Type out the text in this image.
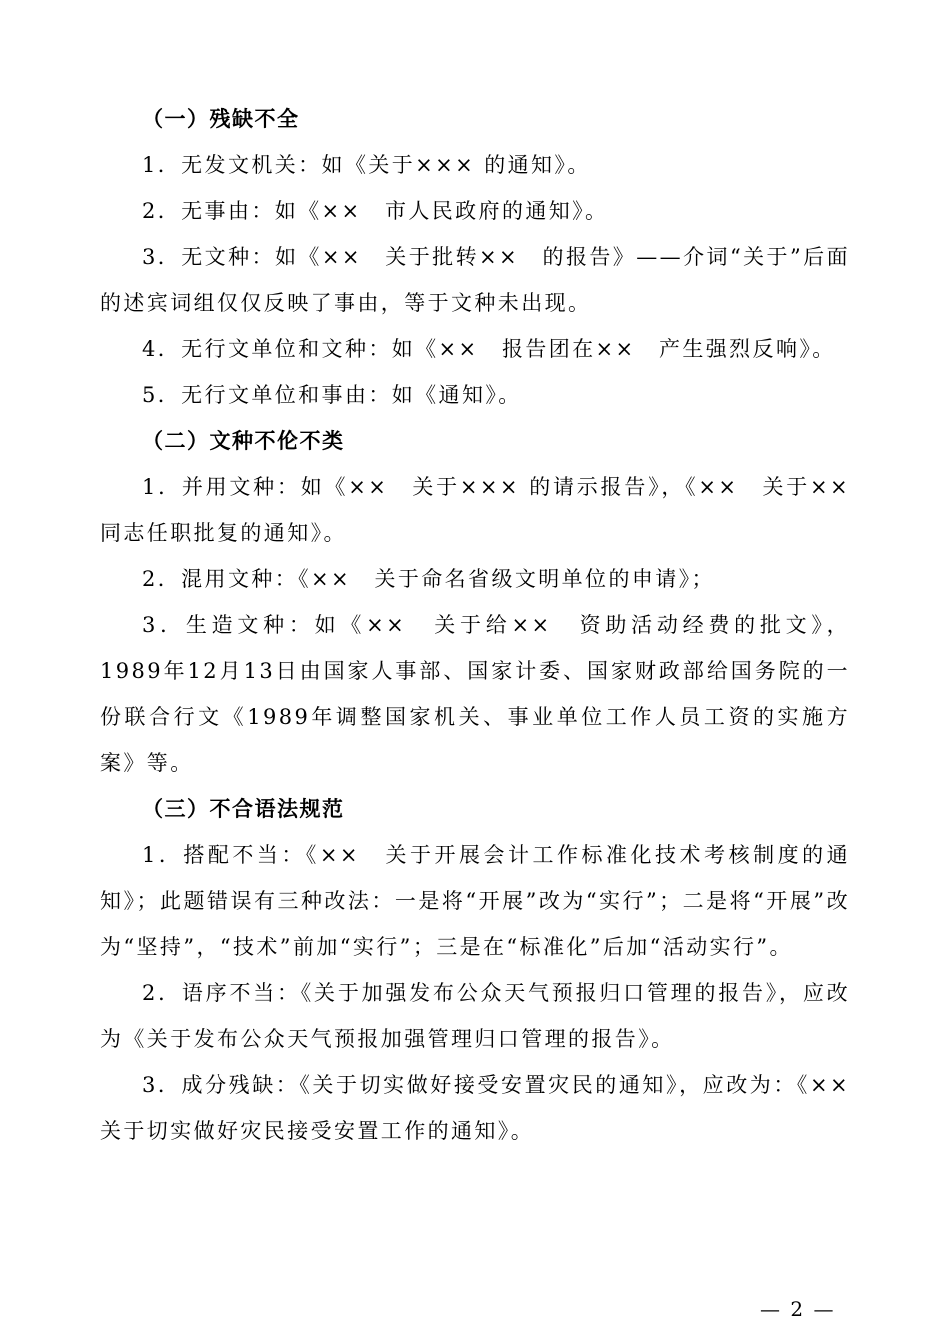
（一）残缺不全

1．无发文机关：如《关于××× 的通知》。

2．无事由：如《××　市人民政府的通知》。

3．无文种：如《××　关于批转××　的报告》——介词“关于”后面的述宾词组仅仅反映了事由，等于文种未出现。

4．无行文单位和文种：如《××　报告团在××　产生强烈反响》。

5．无行文单位和事由：如《通知》。

（二）文种不伦不类

1．并用文种：如《××　关于××× 的请示报告》，《××　关于×× 同志任职批复的通知》。

2．混用文种：《××　关于命名省级文明单位的申请》；

3．生造文种：如《××　关于给××　资助活动经费的批文》，1989年12月13日由国家人事部、国家计委、国家财政部给国务院的一份联合行文《1989年调整国家机关、事业单位工作人员工资的实施方案》等。

（三）不合语法规范

1．搭配不当：《××　关于开展会计工作标准化技术考核制度的通知》；此题错误有三种改法：一是将“开展”改为“实行”；二是将“开展”改为“坚持”，“技术”前加“实行”；三是在“标准化”后加“活动实行”。

2．语序不当：《关于加强发布公众天气预报归口管理的报告》，应改为《关于发布公众天气预报加强管理归口管理的报告》。

3．成分残缺：《关于切实做好接受安置灾民的通知》，应改为：《××　关于切实做好灾民接受安置工作的通知》。

— 2 —
